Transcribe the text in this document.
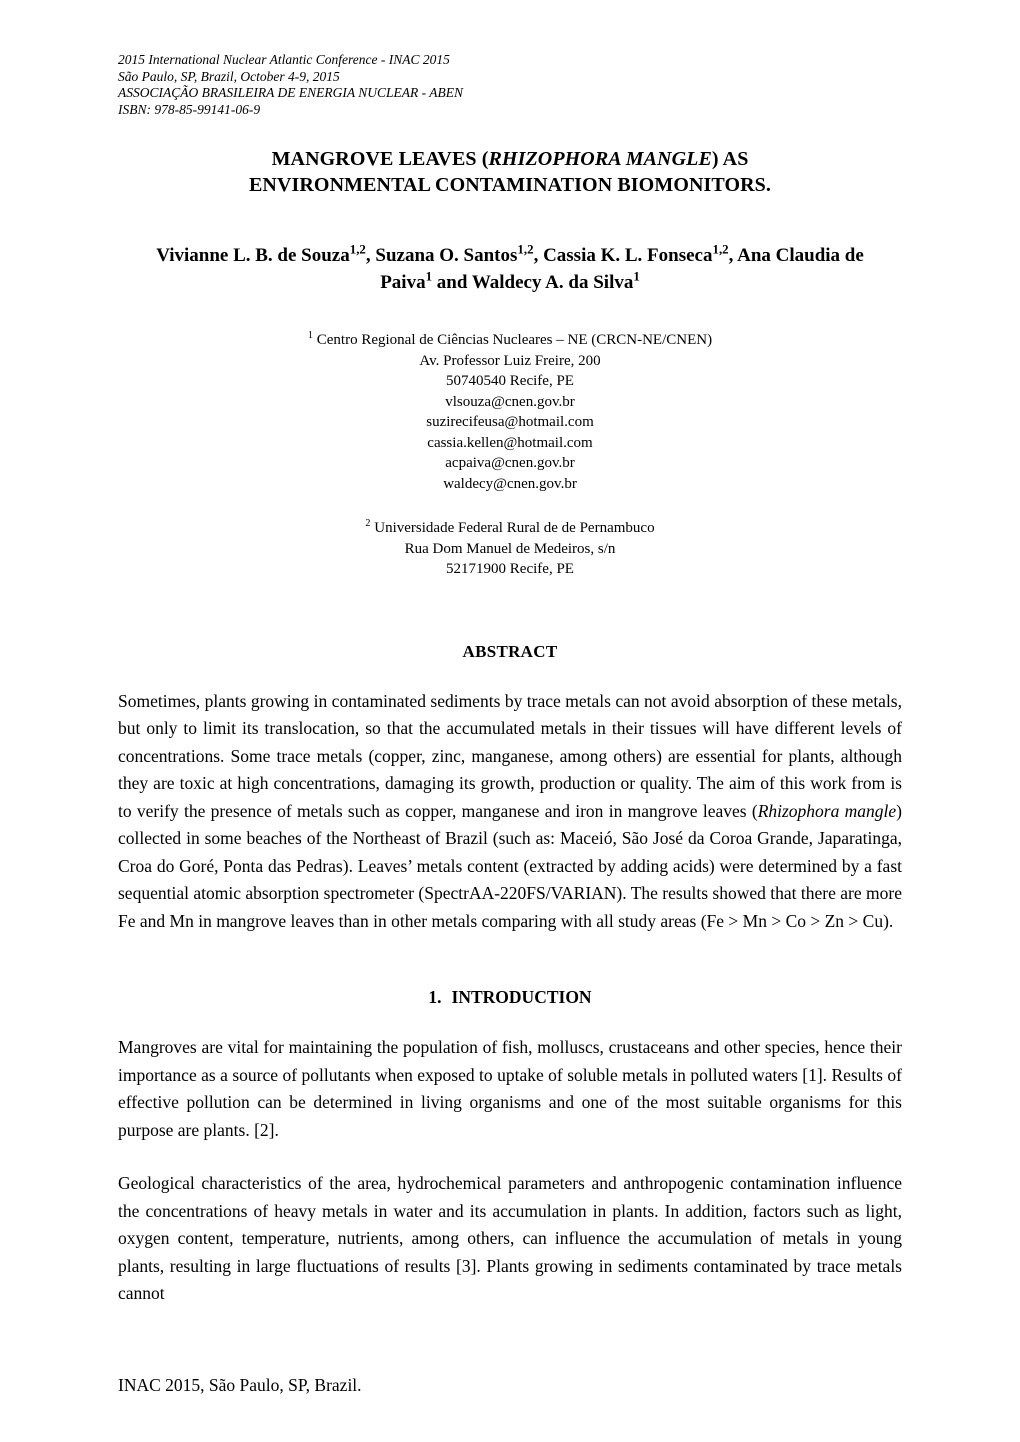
2015 International Nuclear Atlantic Conference - INAC 2015
São Paulo, SP, Brazil, October 4-9, 2015
ASSOCIAÇÃO BRASILEIRA DE ENERGIA NUCLEAR - ABEN
ISBN: 978-85-99141-06-9
MANGROVE LEAVES (RHIZOPHORA MANGLE) AS
ENVIRONMENTAL CONTAMINATION BIOMONITORS.
Vivianne L. B. de Souza$^{1,2}$, Suzana O. Santos$^{1,2}$, Cassia K. L. Fonseca$^{1,2}$, Ana Claudia de
Paiva$^1$ and Waldecy A. da Silva$^1$
$^1$ Centro Regional de Ciências Nucleares – NE (CRCN-NE/CNEN)
Av. Professor Luiz Freire, 200
50740540 Recife, PE
vlsouza@cnen.gov.br
suzirecifeusa@hotmail.com
cassia.kellen@hotmail.com
acpaiva@cnen.gov.br
waldecy@cnen.gov.br
$^2$ Universidade Federal Rural de de Pernambuco
Rua Dom Manuel de Medeiros, s/n
52171900 Recife, PE
ABSTRACT
Sometimes, plants growing in contaminated sediments by trace metals can not avoid absorption of these metals, but only to limit its translocation, so that the accumulated metals in their tissues will have different levels of concentrations. Some trace metals (copper, zinc, manganese, among others) are essential for plants, although they are toxic at high concentrations, damaging its growth, production or quality. The aim of this work from is to verify the presence of metals such as copper, manganese and iron in mangrove leaves (Rhizophora mangle) collected in some beaches of the Northeast of Brazil (such as: Maceió, São José da Coroa Grande, Japaratinga, Croa do Goré, Ponta das Pedras). Leaves’ metals content (extracted by adding acids) were determined by a fast sequential atomic absorption spectrometer (SpectrAA-220FS/VARIAN). The results showed that there are more Fe and Mn in mangrove leaves than in other metals comparing with all study areas (Fe > Mn > Co > Zn > Cu).
1. INTRODUCTION
Mangroves are vital for maintaining the population of fish, molluscs, crustaceans and other species, hence their importance as a source of pollutants when exposed to uptake of soluble metals in polluted waters [1]. Results of effective pollution can be determined in living organisms and one of the most suitable organisms for this purpose are plants. [2].
Geological characteristics of the area, hydrochemical parameters and anthropogenic contamination influence the concentrations of heavy metals in water and its accumulation in plants. In addition, factors such as light, oxygen content, temperature, nutrients, among others, can influence the accumulation of metals in young plants, resulting in large fluctuations of results [3]. Plants growing in sediments contaminated by trace metals cannot
INAC 2015, São Paulo, SP, Brazil.
